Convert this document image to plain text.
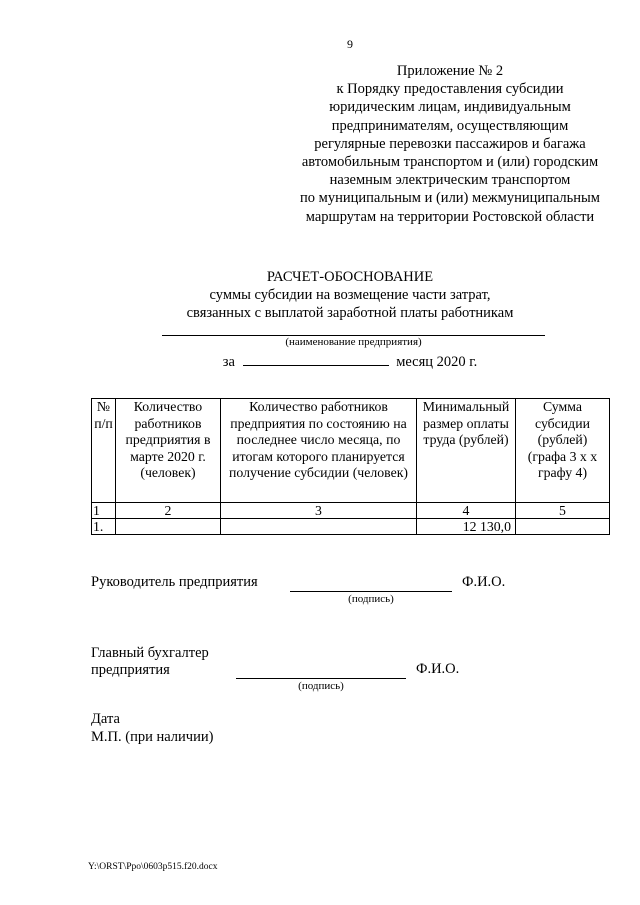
9
Приложение № 2
к Порядку предоставления субсидии
юридическим лицам, индивидуальным
предпринимателям, осуществляющим
регулярные перевозки пассажиров и багажа
автомобильным транспортом и (или) городским
наземным электрическим транспортом
по муниципальным и (или) межмуниципальным
маршрутам на территории Ростовской области
РАСЧЕТ-ОБОСНОВАНИЕ
суммы субсидии на возмещение части затрат,
связанных с выплатой заработной платы работникам
(наименование предприятия)
за	месяц 2020 г.
№ п/п	Количество работников предприятия в марте 2020 г. (человек)	Количество работников предприятия по состоянию на последнее число месяца, по итогам которого планируется получение субсидии (человек)	Минимальный размер оплаты труда (рублей)	Сумма субсидии (рублей) (графа 3 х х графу 4)
1	2	3	4	5
1.			12 130,0	
Руководитель предприятия	Ф.И.О.
(подпись)
Главный бухгалтер
предприятия	Ф.И.О.
(подпись)
Дата
М.П. (при наличии)
Y:\ORST\Ppo\0603p515.f20.docx
